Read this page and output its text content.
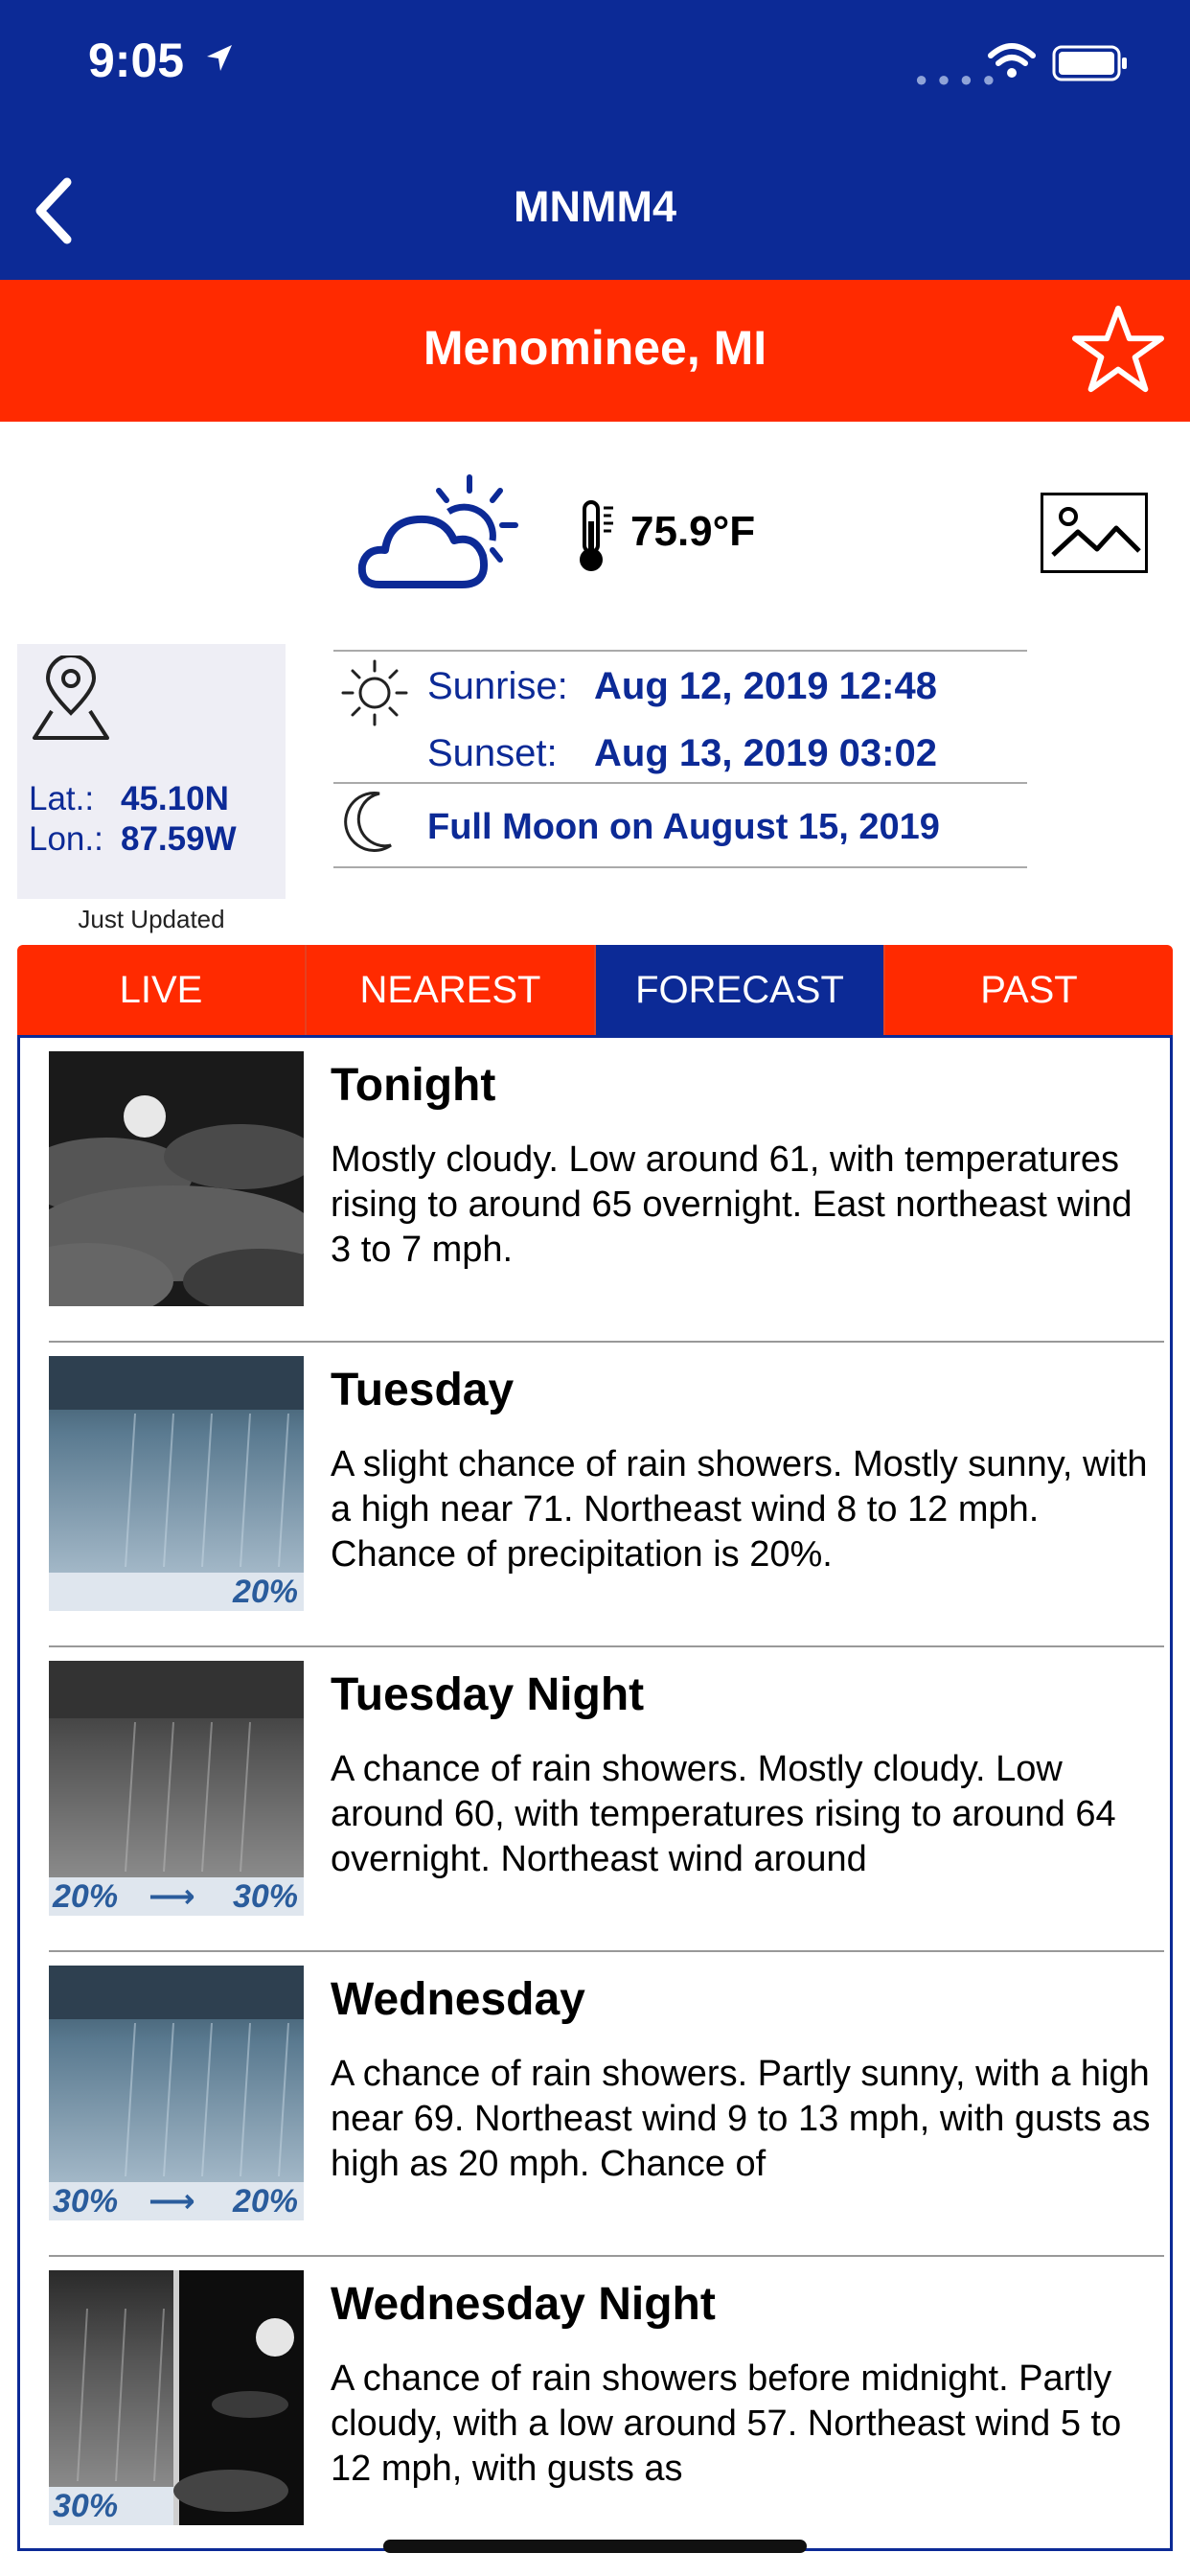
9:05	● ● ● ●
MNMM4
Menominee, MI
75.9°F
Lat.: 45.10N
Lon.: 87.59W
Just Updated
Sunrise: Aug 12, 2019 12:48
Sunset: Aug 13, 2019 03:02
Full Moon on August 15, 2019
LIVE	NEAREST	FORECAST	PAST
Tonight
Mostly cloudy. Low around 61, with temperatures rising to around 65 overnight. East northeast wind 3 to 7 mph.
20%
Tuesday
A slight chance of rain showers. Mostly sunny, with a high near 71. Northeast wind 8 to 12 mph. Chance of precipitation is 20%.
20% ⟶ 30%
Tuesday Night
A chance of rain showers. Mostly cloudy. Low around 60, with temperatures rising to around 64 overnight. Northeast wind around
30% ⟶ 20%
Wednesday
A chance of rain showers. Partly sunny, with a high near 69. Northeast wind 9 to 13 mph, with gusts as high as 20 mph. Chance of
30%
Wednesday Night
A chance of rain showers before midnight. Partly cloudy, with a low around 57. Northeast wind 5 to 12 mph, with gusts as
